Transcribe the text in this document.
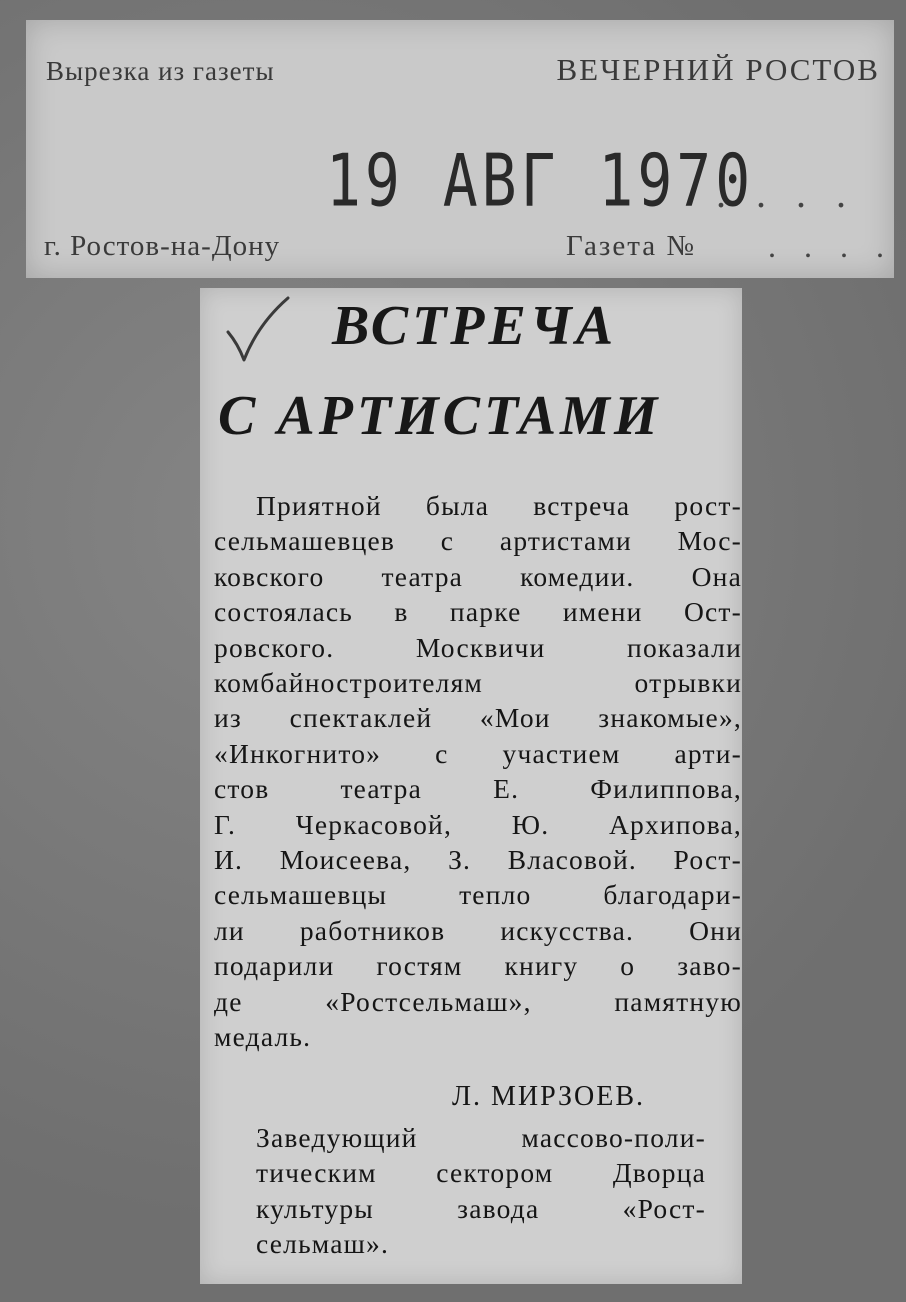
Вырезка из газеты	ВЕЧЕРНИЙ РОСТОВ
19 АВГ 1970
. . . .
г. Ростов-на-Дону	Газета № . . . .
ВСТРЕЧА
С АРТИСТАМИ
Приятной была встреча рост-
сельмашевцев с артистами Мос-
ковского театра комедии. Она
состоялась в парке имени Ост-
ровского. Москвичи показали
комбайностроителям отрывки
из спектаклей «Мои знакомые»,
«Инкогнито» с участием арти-
стов театра Е. Филиппова,
Г. Черкасовой, Ю. Архипова,
И. Моисеева, З. Власовой. Рост-
сельмашевцы тепло благодари-
ли работников искусства. Они
подарили гостям книгу о заво-
де «Ростсельмаш», памятную
медаль.
Л. МИРЗОЕВ.
Заведующий массово-поли-
тическим сектором Дворца
культуры завода «Рост-
сельмаш».
